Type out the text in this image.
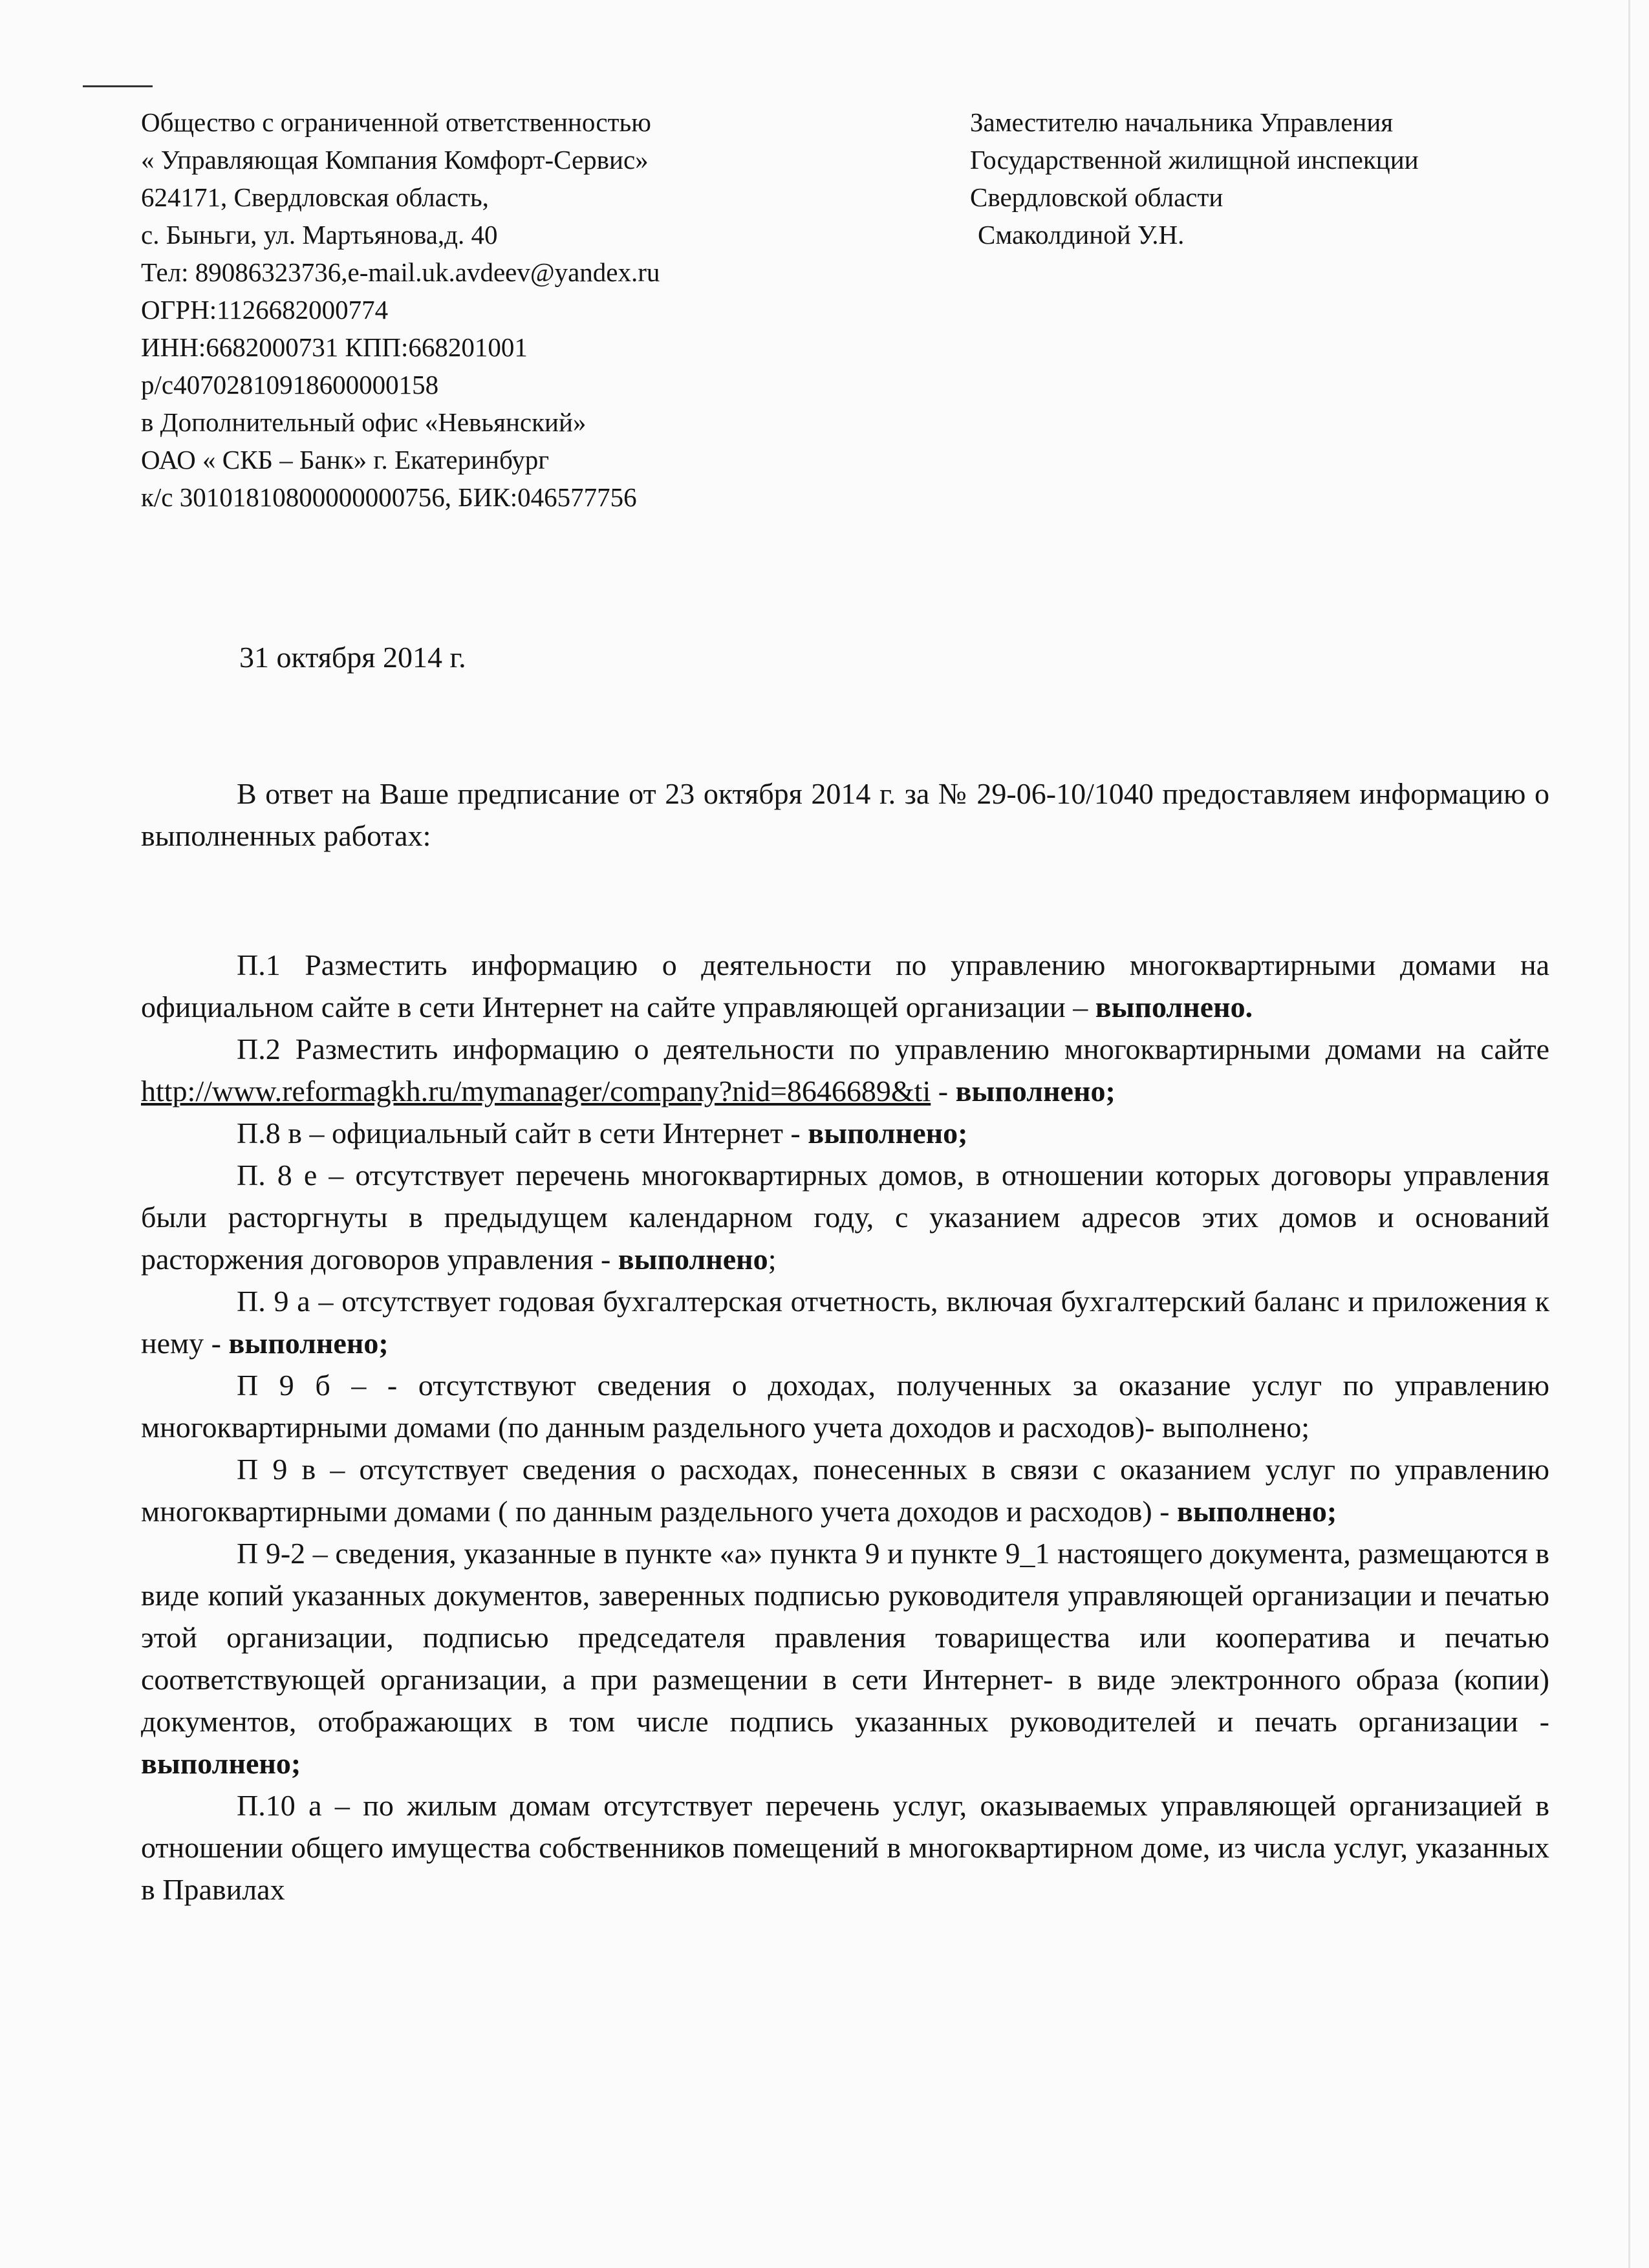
Общество с ограниченной ответственностью
« Управляющая Компания Комфорт-Сервис»
624171, Свердловская область,
с. Быньги, ул. Мартьянова,д. 40
Тел: 89086323736,e-mail.uk.avdeev@yandex.ru
ОГРН:1126682000774
ИНН:6682000731 КПП:668201001
р/с40702810918600000158
в Дополнительный офис «Невьянский»
ОАО « СКБ – Банк» г. Екатеринбург
к/с 30101810800000000756, БИК:046577756
Заместителю начальника Управления
Государственной жилищной инспекции
Свердловской области
Смаколдиной У.Н.
31 октября 2014 г.

В ответ на Ваше предписание от 23 октября 2014 г. за № 29-06-10/1040 предоставляем информацию о выполненных работах:

П.1 Разместить информацию о деятельности по управлению многоквартирными домами на официальном сайте в сети Интернет на сайте управляющей организации – выполнено.

П.2 Разместить информацию о деятельности по управлению многоквартирными домами на сайте http://www.reformagkh.ru/mymanager/company?nid=8646689&ti - выполнено;

П.8 в – официальный сайт в сети Интернет - выполнено;

П. 8 е – отсутствует перечень многоквартирных домов, в отношении которых договоры управления были расторгнуты в предыдущем календарном году, с указанием адресов этих домов и оснований расторжения договоров управления - выполнено;

П. 9 а – отсутствует годовая бухгалтерская отчетность, включая бухгалтерский баланс и приложения к нему - выполнено;

П 9 б – - отсутствуют сведения о доходах, полученных за оказание услуг по управлению многоквартирными домами (по данным раздельного учета доходов и расходов)- выполнено;

П 9 в – отсутствует сведения о расходах, понесенных в связи с оказанием услуг по управлению многоквартирными домами ( по данным раздельного учета доходов и расходов) - выполнено;

П 9-2 – сведения, указанные в пункте «а» пункта 9 и пункте 9_1 настоящего документа, размещаются в виде копий указанных документов, заверенных подписью руководителя управляющей организации и печатью этой организации, подписью председателя правления товарищества или кооператива и печатью соответствующей организации, а при размещении в сети Интернет- в виде электронного образа (копии) документов, отображающих в том числе подпись указанных руководителей и печать организации - выполнено;

П.10 а – по жилым домам отсутствует перечень услуг, оказываемых управляющей организацией в отношении общего имущества собственников помещений в многоквартирном доме, из числа услуг, указанных в Правилах
